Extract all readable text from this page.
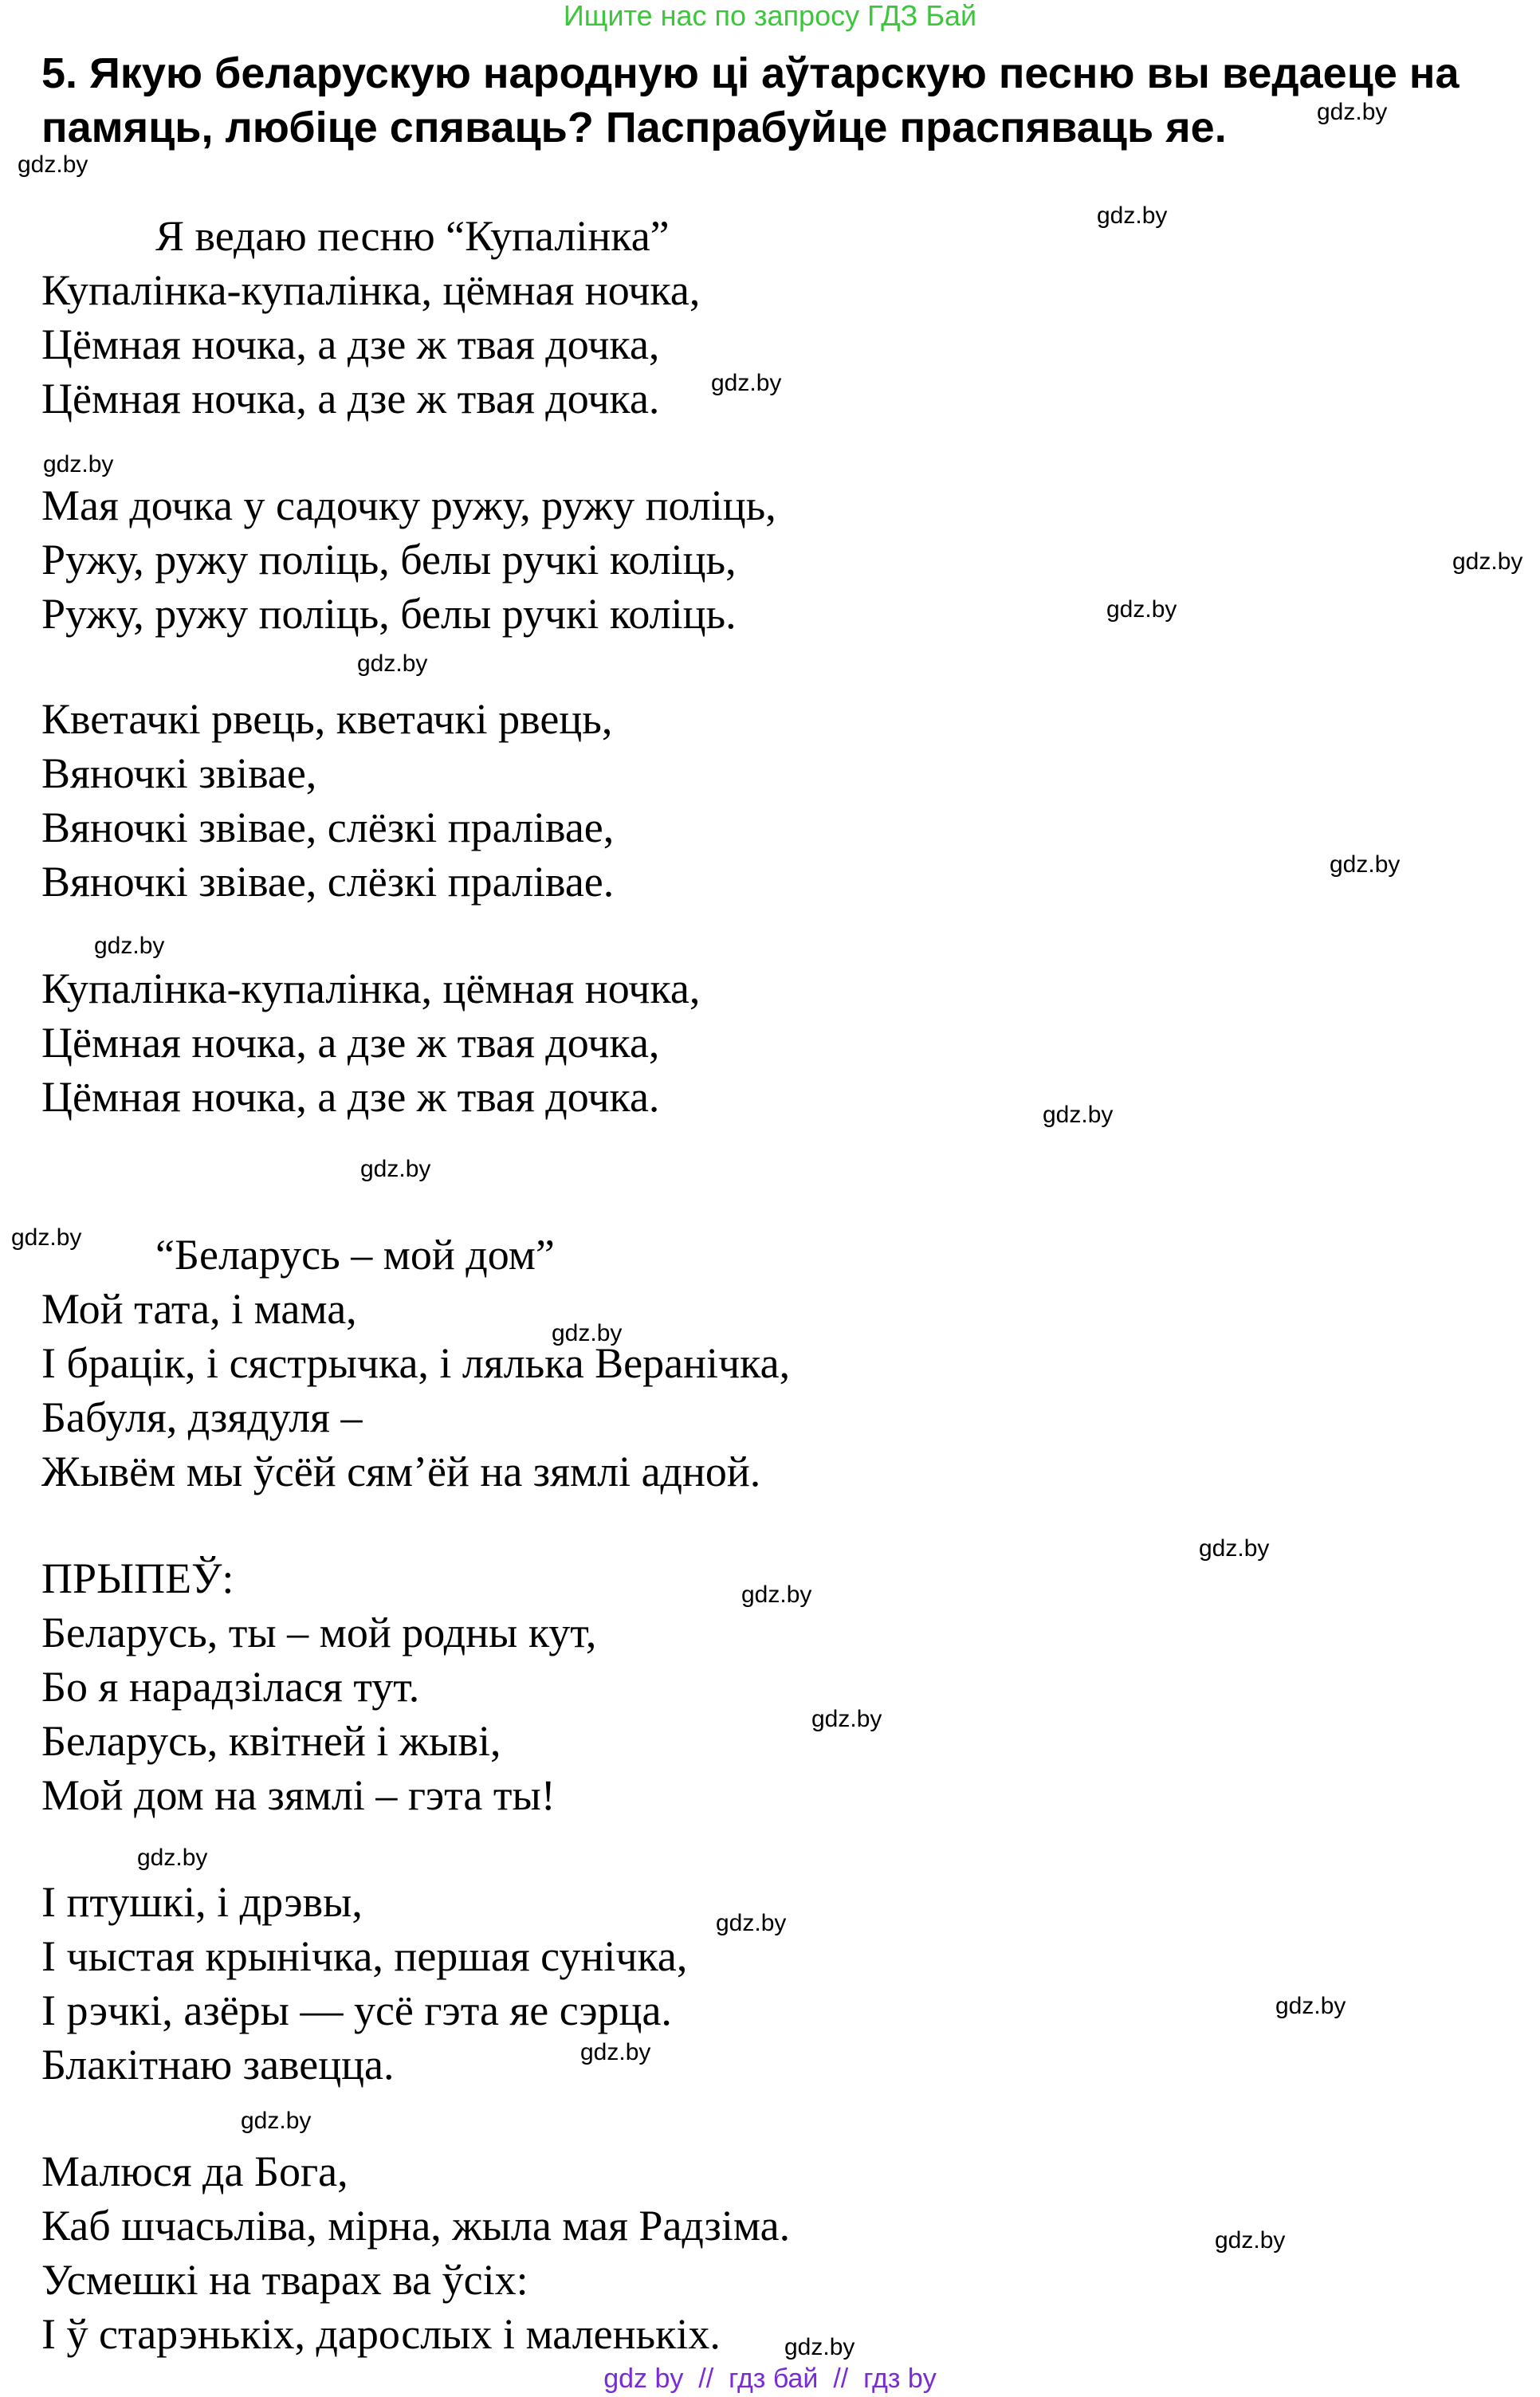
Ищите нас по запросу ГДЗ Бай
5. Якую беларускую народную ці аўтарскую песню вы ведаеце на
памяць, любіце спяваць? Паспрабуйце праспяваць яе.
Я ведаю песню “Купалінка”
Купалінка-купалінка, цёмная ночка,
Цёмная ночка, а дзе ж твая дочка,
Цёмная ночка, а дзе ж твая дочка.
Мая дочка у садочку ружу, ружу поліць,
Ружу, ружу поліць, белы ручкі коліць,
Ружу, ружу поліць, белы ручкі коліць.
Кветачкі рвець, кветачкі рвець,
Вяночкі звівае,
Вяночкі звівае, слёзкі пралівае,
Вяночкі звівае, слёзкі пралівае.
Купалінка-купалінка, цёмная ночка,
Цёмная ночка, а дзе ж твая дочка,
Цёмная ночка, а дзе ж твая дочка.
“Беларусь – мой дом”
Мой тата, і мама,
І брацік, і сястрычка, і лялька Веранічка,
Бабуля, дзядуля –
Жывём мы ўсёй сям’ёй на зямлі адной.
ПРЫПЕЎ:
Беларусь, ты – мой родны кут,
Бо я нарадзілася тут.
Беларусь, квітней і жыві,
Мой дом на зямлі – гэта ты!
І птушкі, і дрэвы,
І чыстая крынічка, першая сунічка,
І рэчкі, азёры — усё гэта яе сэрца.
Блакітнаю завецца.
Малюся да Бога,
Каб шчасьліва, мірна, жыла мая Радзіма.
Усмешкі на тварах ва ўсіх:
І ў старэнькіх, дарослых і маленькіх.
gdz.by
gdz.by
gdz.by
gdz.by
gdz.by
gdz.by
gdz.by
gdz.by
gdz.by
gdz.by
gdz.by
gdz.by
gdz.by
gdz.by
gdz.by
gdz.by
gdz.by
gdz.by
gdz.by
gdz.by
gdz.by
gdz.by
gdz.by
gdz.by
gdz by  //  гдз бай  //  гдз by
